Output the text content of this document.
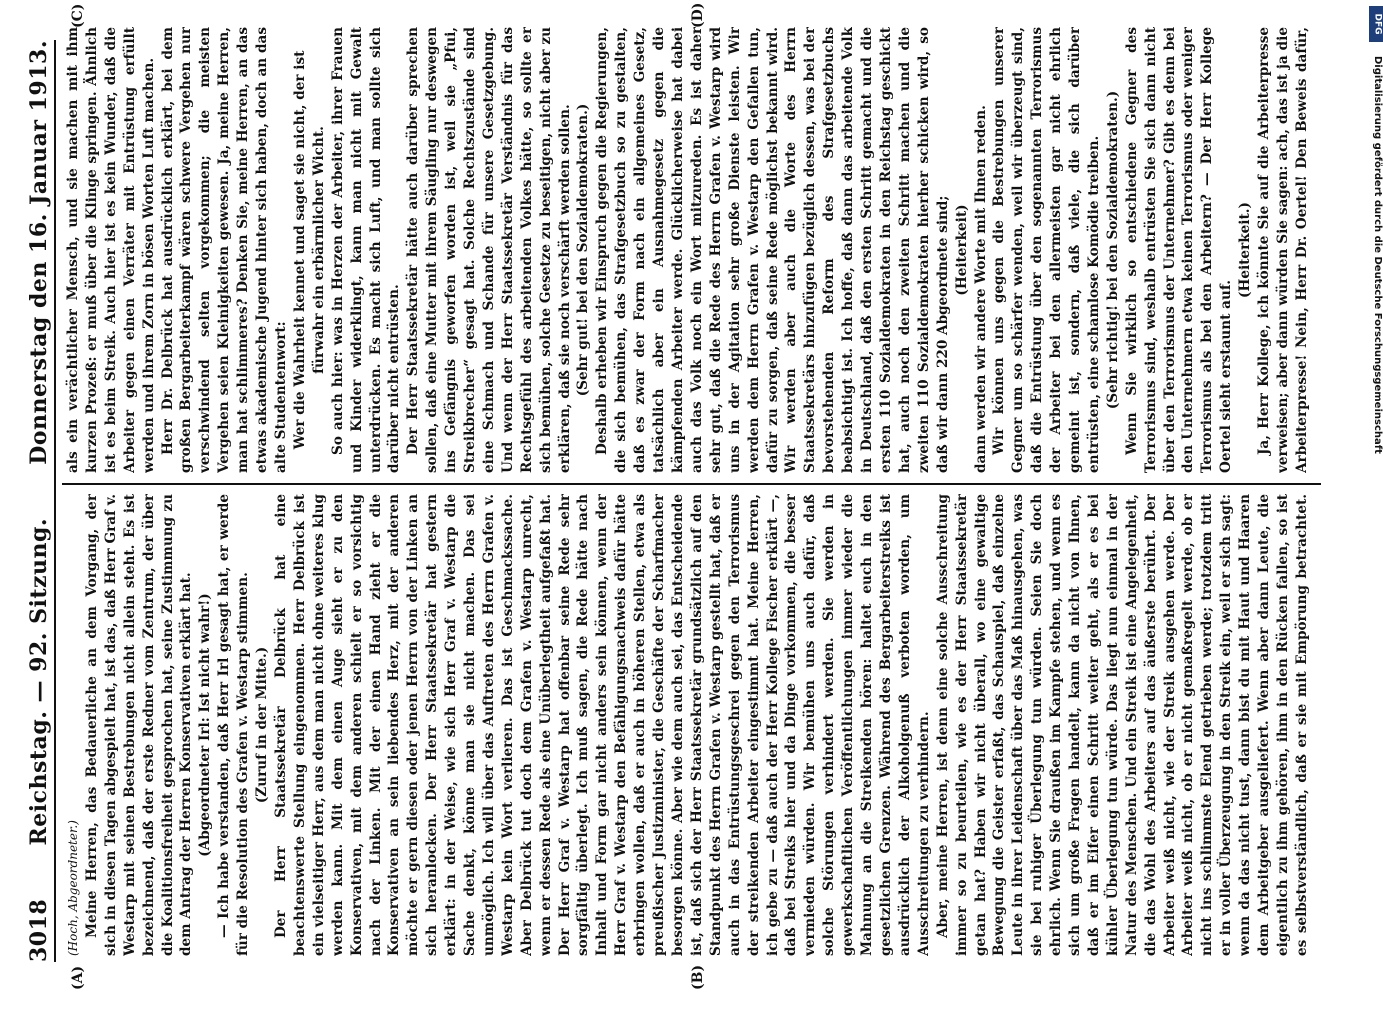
3018
Reichstag. — 92. Sitzung.
Donnerstag den 16. Januar 1913.
(A)	(B)
(C)	(D)

(Hoch, Abgeordneter.) Meine Herren, das Bedauerliche an dem Vorgang, der sich in diesen Tagen abgespielt hat, ist das, daß Herr Graf v. Westarp mit seinen Bestrebungen nicht allein steht. Es ist bezeichnend, daß der erste Redner vom Zentrum, der über die Koalitionsfreiheit gesprochen hat, seine Zustimmung zu dem Antrag der Herren Konservativen erklärt hat. (Abgeordneter Irl: Ist nicht wahr!) — Ich habe verstanden, daß Herr Irl gesagt hat, er werde für die Resolution des Grafen v. Westarp stimmen. (Zuruf in der Mitte.) Der Herr Staatssekretär Delbrück hat eine beachtenswerte Stellung eingenommen. Herr Delbrück ist ein vielseitiger Herr, aus dem man nicht ohne weiteres klug werden kann. Mit dem einen Auge sieht er zu den Konservativen, mit dem anderen schielt er so vorsichtig nach der Linken. Mit der einen Hand zieht er die Konservativen an sein liebendes Herz, mit der anderen möchte er gern diesen oder jenen Herrn von der Linken an sich heranlocken. Der Herr Staatssekretär hat gestern erklärt: in der Weise, wie sich Herr Graf v. Westarp die Sache denkt, könne man sie nicht machen. Das sei unmöglich. Ich will über das Auftreten des Herrn Grafen v. Westarp kein Wort verlieren. Das ist Geschmackssache. Aber Delbrück tut doch dem Grafen v. Westarp unrecht, wenn er dessen Rede als eine Unüberlegtheit aufgefaßt hat. Der Herr Graf v. Westarp hat offenbar seine Rede sehr sorgfältig überlegt. Ich muß sagen, die Rede hätte nach Inhalt und Form gar nicht anders sein können, wenn der Herr Graf v. Westarp den Befähigungsnachweis dafür hätte erbringen wollen, daß er auch in höheren Stellen, etwa als preußischer Justizminister, die Geschäfte der Scharfmacher besorgen könne. Aber wie dem auch sei, das Entscheidende ist, daß sich der Herr Staatssekretär grundsätzlich auf den Standpunkt des Herrn Grafen v. Westarp gestellt hat, daß er auch in das Entrüstungsgeschrei gegen den Terrorismus der streikenden Arbeiter eingestimmt hat. Meine Herren, ich gebe zu — daß auch der Herr Kollege Fischer erklärt —, daß bei Streiks hier und da Dinge vorkommen, die besser vermieden würden. Wir bemühen uns auch dafür, daß solche Störungen verhindert werden. Sie werden in gewerkschaftlichen Veröffentlichungen immer wieder die Mahnung an die Streikenden hören: haltet euch in den gesetzlichen Grenzen. Während des Bergarbeiterstreiks ist ausdrücklich der Alkoholgenuß verboten worden, um Ausschreitungen zu verhindern. Aber, meine Herren, ist denn eine solche Ausschreitung immer so zu beurteilen, wie es der Herr Staatssekretär getan hat? Haben wir nicht überall, wo eine gewaltige Bewegung die Geister erfaßt, das Schauspiel, daß einzelne Leute in ihrer Leidenschaft über das Maß hinausgehen, was sie bei ruhiger Überlegung tun würden. Seien Sie doch ehrlich. Wenn Sie draußen im Kampfe stehen, und wenn es sich um große Fragen handelt, kann da nicht von Ihnen, daß er im Eifer einen Schritt weiter geht, als er es bei kühler Überlegung tun würde. Das liegt nun einmal in der Natur des Menschen. Und ein Streik ist eine Angelegenheit, die das Wohl des Arbeiters auf das äußerste berührt. Der Arbeiter weiß nicht, wie der Streik ausgehen werde. Der Arbeiter weiß nicht, ob er nicht gemaßregelt werde, ob er nicht ins schlimmste Elend getrieben werde; trotzdem tritt er in voller Überzeugung in den Streik ein, weil er sich sagt: wenn da das nicht tust, dann bist du mit Haut und Haaren dem Arbeitgeber ausgeliefert. Wenn aber dann Leute, die eigentlich zu ihm gehören, ihm in den Rücken fallen, so ist es selbstverständlich, daß er sie mit Empörung betrachtet.

als ein verächtlicher Mensch, und sie machen mit ihm kurzen Prozeß: er muß über die Klinge springen. Ähnlich ist es beim Streik. Auch hier ist es kein Wunder, daß die Arbeiter gegen einen Verräter mit Entrüstung erfüllt werden und ihrem Zorn in bösen Worten Luft machen. Herr Dr. Delbrück hat ausdrücklich erklärt, bei dem großen Bergarbeiterkampf wären schwere Vergehen nur verschwindend selten vorgekommen; die meisten Vergehen seien Kleinigkeiten gewesen. Ja, meine Herren, man hat schlimmeres? Denken Sie, meine Herren, an das etwas akademische Jugend hinter sich haben, doch an das alte Studentenwort: Wer die Wahrheit kennet und saget sie nicht, der ist fürwahr ein erbärmlicher Wicht. So auch hier: was in Herzen der Arbeiter, ihrer Frauen und Kinder widerklingt, kann man nicht mit Gewalt unterdrücken. Es macht sich Luft, und man sollte sich darüber nicht entrüsten. Der Herr Staatssekretär hätte auch darüber sprechen sollen, daß eine Mutter mit ihrem Säugling nur deswegen ins Gefängnis geworfen worden ist, weil sie „Pfui, Streikbrecher“ gesagt hat. Solche Rechtszustände sind eine Schmach und Schande für unsere Gesetzgebung. Und wenn der Herr Staatssekretär Verständnis für das Rechtsgefühl des arbeitenden Volkes hätte, so sollte er sich bemühen, solche Gesetze zu beseitigen, nicht aber zu erklären, daß sie noch verschärft werden sollen. (Sehr gut! bei den Sozialdemokraten.) Deshalb erheben wir Einspruch gegen die Regierungen, die sich bemühen, das Strafgesetzbuch so zu gestalten, daß es zwar der Form nach ein allgemeines Gesetz, tatsächlich aber ein Ausnahmegesetz gegen die kämpfenden Arbeiter werde. Glücklicherweise hat dabei auch das Volk noch ein Wort mitzureden. Es ist daher sehr gut, daß die Rede des Herrn Grafen v. Westarp wird uns in der Agitation sehr große Dienste leisten. Wir werden dem Herrn Grafen v. Westarp den Gefallen tun, dafür zu sorgen, daß seine Rede möglichst bekannt wird. Wir werden aber auch die Worte des Herrn Staatssekretärs hinzufügen bezüglich dessen, was bei der bevorstehenden Reform des Strafgesetzbuchs beabsichtigt ist. Ich hoffe, daß dann das arbeitende Volk in Deutschland, daß den ersten Schritt gemacht und die ersten 110 Sozialdemokraten in den Reichstag geschickt hat, auch noch den zweiten Schritt machen und die zweiten 110 Sozialdemokraten hierher schicken wird, so daß wir dann 220 Abgeordnete sind; (Heiterkeit) dann werden wir andere Worte mit Ihnen reden. Wir können uns gegen die Bestrebungen unserer Gegner um so schärfer wenden, weil wir überzeugt sind, daß die Entrüstung über den sogenannten Terrorismus der Arbeiter bei den allermeisten gar nicht ehrlich gemeint ist, sondern, daß viele, die sich darüber entrüsten, eine schamlose Komödie treiben. (Sehr richtig! bei den Sozialdemokraten.) Wenn Sie wirklich so entschiedene Gegner des Terrorismus sind, weshalb entrüsten Sie sich dann nicht über den Terrorismus der Unternehmer? Gibt es denn bei den Unternehmern etwa keinen Terrorismus oder weniger Terrorismus als bei den Arbeitern? — Der Herr Kollege Oertel sieht erstaunt auf.

(Heiterkeit.)

Ja, Herr Kollege, ich könnte Sie auf die Arbeiterpresse verweisen; aber dann würden Sie sagen: ach, das ist ja die Arbeiterpresse! Nein, Herr Dr. Oertel! Den Beweis dafür,

DFG
Digitalisierung gefördert durch die Deutsche Forschungsgemeinschaft
